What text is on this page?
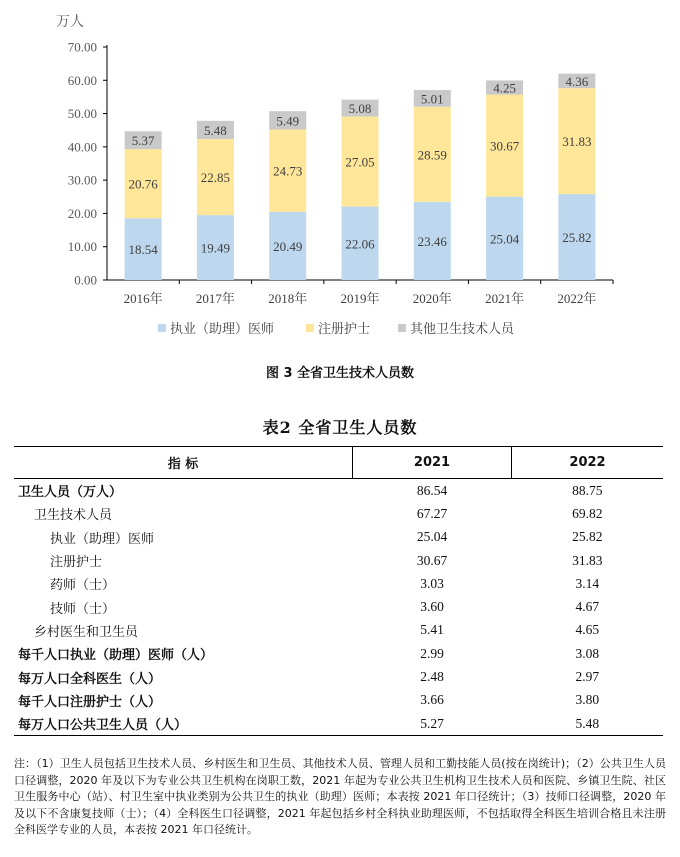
万人
0.00
10.00
20.00
30.00
40.00
50.00
60.00
70.00
18.54
20.76
5.37
2016年
19.49
22.85
5.48
2017年
20.49
24.73
5.49
2018年
22.06
27.05
5.08
2019年
23.46
28.59
5.01
2020年
25.04
30.67
4.25
2021年
25.82
31.83
4.36
2022年
执业（助理）医师	注册护士	其他卫生技术人员
图 3 全省卫生技术人员数
表2 全省卫生人员数
指 标	2021	2022
卫生人员（万人）	86.54	88.75
卫生技术人员	67.27	69.82
执业（助理）医师	25.04	25.82
注册护士	30.67	31.83
药师（士）	3.03	3.14
技师（士）	3.60	4.67
乡村医生和卫生员	5.41	4.65
每千人口执业（助理）医师（人）	2.99	3.08
每万人口全科医生（人）	2.48	2.97
每千人口注册护士（人）	3.66	3.80
每万人口公共卫生人员（人）	5.27	5.48
注：（1）卫生人员包括卫生技术人员、乡村医生和卫生员、其他技术人员、管理人员和工勤技能人员(按在岗统计)；（2）公共卫生人员口径调整，2020 年及以下为专业公共卫生机构在岗职工数，2021 年起为专业公共卫生机构卫生技术人员和医院、乡镇卫生院、社区卫生服务中心（站）、村卫生室中执业类别为公共卫生的执业（助理）医师；本表按 2021 年口径统计；（3）技师口径调整，2020 年及以下不含康复技师（士）；（4）全科医生口径调整，2021 年起包括乡村全科执业助理医师，不包括取得全科医生培训合格且未注册全科医学专业的人员，本表按 2021 年口径统计。
